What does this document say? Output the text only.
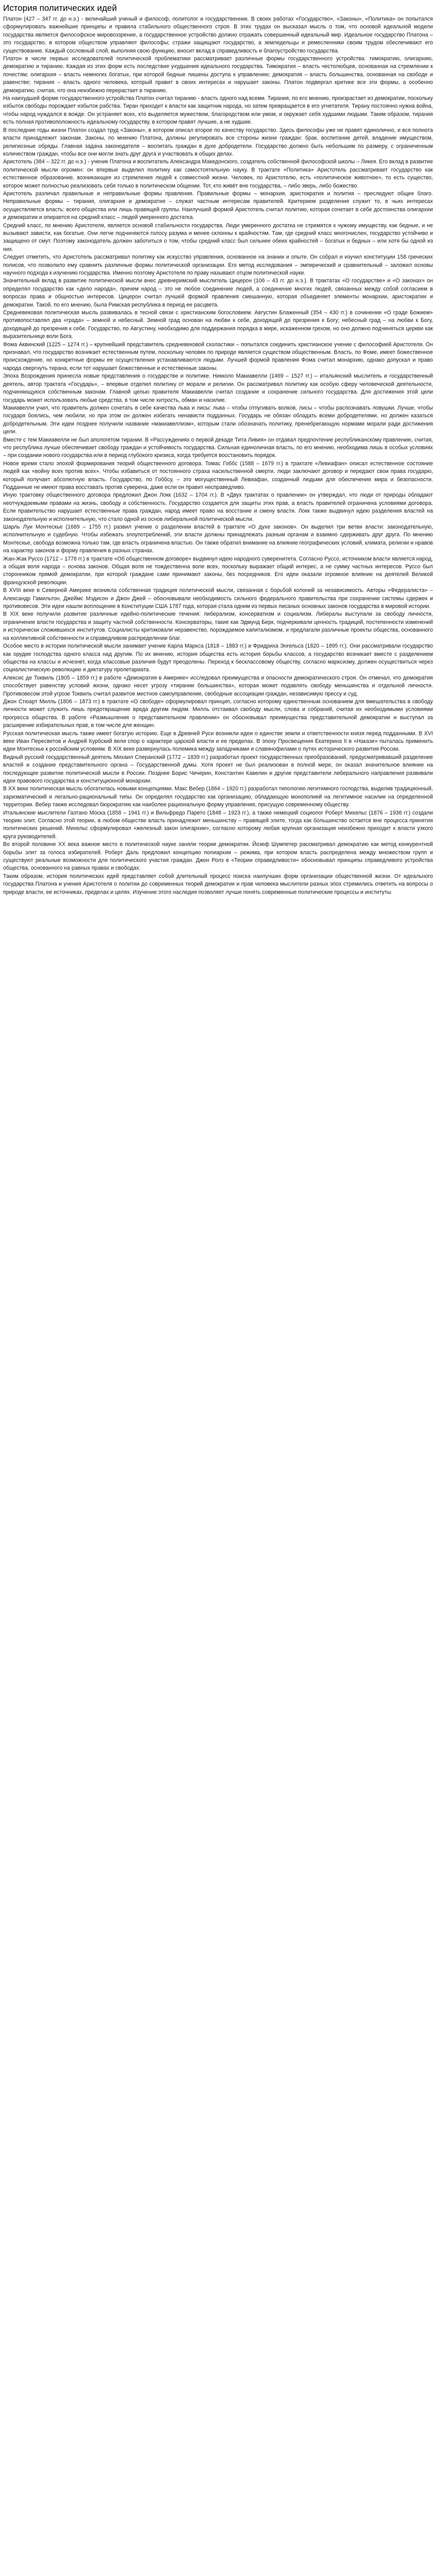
История политических идей

Платон (427 – 347 гг. до н.э.) - величайший ученый и философ, политолог и государственник. В своих работах «Государство», «Законы», «Политика» он попытался сформулировать важнейшие принципы и правила стабильного общественного строя. В этих трудах он высказал мысль о том, что основой идеальной модели государства является философское мировоззрение, а государственное устройство должно отражать совершенный идеальный мир. Идеальное государство Платона – это государство, в котором обществом управляют философы; стражи защищают государство, а земледельцы и ремесленники своим трудом обеспечивают его существование. Каждый сословный слой, выполняя свою функцию, вносит вклад в справедливость и благоустройство государства.

Платон в числе первых исследователей политической проблематики рассматривает различные формы государственного устройства: тимократию, олигархию, демократию и тиранию. Каждая из этих форм есть последствие ухудшения идеального государства. Тимократия – власть честолюбцев, основанная на стремлении к почестям; олигархия – власть немногих богатых, при которой бедные лишены доступа к управлению; демократия – власть большинства, основанная на свободе и равенстве; тирания – власть одного человека, который правит в своих интересах и нарушает законы. Платон подвергал критике все эти формы, а особенно демократию, считая, что она неизбежно перерастает в тиранию.

На наихудшей форме государственного устройства Платон считал тиранию - власть одного над всеми. Тирания, по его мнению, произрастает из демократии, поскольку избыток свободы порождает избыток рабства. Тиран приходит к власти как защитник народа, но затем превращается в его угнетателя. Тирану постоянно нужна война, чтобы народ нуждался в вожде. Он устраняет всех, кто выделяется мужеством, благородством или умом, и окружает себя худшими людьми. Таким образом, тирания есть полная противоположность идеальному государству, в котором правят лучшие, а не худшие.

В последние годы жизни Платон создал труд «Законы», в котором описал второе по качеству государство. Здесь философы уже не правят единолично, и вся полнота власти принадлежит законам. Законы, по мнению Платона, должны регулировать все стороны жизни граждан: брак, воспитание детей, владение имуществом, религиозные обряды. Главная задача законодателя – воспитать граждан в духе добродетели. Государство должно быть небольшим по размеру, с ограниченным количеством граждан, чтобы все они могли знать друг друга и участвовать в общих делах.

Аристотель (384 – 322 гг. до н.э.) - ученик Платона и воспитатель Александра Македонского, создатель собственной философской школы – Ликея. Его вклад в развитие политической мысли огромен: он впервые выделил политику как самостоятельную науку. В трактате «Политика» Аристотель рассматривает государство как естественное образование, возникающее из стремления людей к совместной жизни. Человек, по Аристотелю, есть «политическое животное», то есть существо, которое может полностью реализовать себя только в политическом общении. Тот, кто живёт вне государства, – либо зверь, либо божество.

Аристотель различал правильные и неправильные формы правления. Правильные формы – монархия, аристократия и полития – преследуют общее благо. Неправильные формы – тирания, олигархия и демократия – служат частным интересам правителей. Критерием разделения служит то, в чьих интересах осуществляется власть: всего общества или лишь правящей группы. Наилучшей формой Аристотель считал политию, которая сочетает в себе достоинства олигархии и демократии и опирается на средний класс – людей умеренного достатка.

Средний класс, по мнению Аристотеля, является основой стабильности государства. Люди умеренного достатка не стремятся к чужому имуществу, как бедные, и не вызывают зависти, как богатые. Они легче подчиняются голосу разума и менее склонны к крайностям. Там, где средний класс многочислен, государство устойчиво и защищено от смут. Поэтому законодатель должен заботиться о том, чтобы средний класс был сильнее обеих крайностей – богатых и бедных – или хотя бы одной из них.

Следует отметить, что Аристотель рассматривал политику как искусство управления, основанное на знании и опыте. Он собрал и изучил конституции 158 греческих полисов, что позволило ему сравнить различные формы политической организации. Его метод исследования – эмпирический и сравнительный – заложил основы научного подхода к изучению государства. Именно поэтому Аристотеля по праву называют отцом политической науки.

Значительный вклад в развитие политической мысли внес древнеримский мыслитель Цицерон (106 – 43 гг. до н.э.). В трактатах «О государстве» и «О законах» он определял государство как «дело народа», причем народ – это не любое соединение людей, а соединение многих людей, связанных между собой согласием в вопросах права и общностью интересов. Цицерон считал лучшей формой правления смешанную, которая объединяет элементы монархии, аристократии и демократии. Такой, по его мнению, была Римская республика в период ее расцвета.

Средневековая политическая мысль развивалась в тесной связи с христианским богословием. Августин Блаженный (354 – 430 гг.) в сочинении «О граде Божием» противопоставлял два «града» – земной и небесный. Земной град основан на любви к себе, доходящей до презрения к Богу; небесный град – на любви к Богу, доходящей до презрения к себе. Государство, по Августину, необходимо для поддержания порядка в мире, искаженном грехом, но оно должно подчиняться церкви как выразительнице воли Бога.

Фома Аквинский (1225 – 1274 гг.) – крупнейший представитель средневековой схоластики – попытался соединить христианское учение с философией Аристотеля. Он признавал, что государство возникает естественным путем, поскольку человек по природе является существом общественным. Власть, по Фоме, имеет божественное происхождение, но конкретные формы ее осуществления устанавливаются людьми. Лучшей формой правления Фома считал монархию, однако допускал и право народа свергнуть тирана, если тот нарушает божественные и естественные законы.

Эпоха Возрождения принесла новые представления о государстве и политике. Никколо Макиавелли (1469 – 1527 гг.) – итальянский мыслитель и государственный деятель, автор трактата «Государь», – впервые отделил политику от морали и религии. Он рассматривал политику как особую сферу человеческой деятельности, подчиняющуюся собственным законам. Главной целью правителя Макиавелли считал создание и сохранение сильного государства. Для достижения этой цели государь может использовать любые средства, в том числе хитрость, обман и насилие.

Макиавелли учил, что правитель должен сочетать в себе качества льва и лисы: льва – чтобы отпугивать волков, лисы – чтобы распознавать ловушки. Лучше, чтобы государя боялись, чем любили, но при этом он должен избегать ненависти подданных. Государь не обязан обладать всеми добродетелями, но должен казаться добродетельным. Эти идеи позднее получили название «макиавеллизм», которым стали обозначать политику, пренебрегающую нормами морали ради достижения цели.

Вместе с тем Макиавелли не был апологетом тирании. В «Рассуждениях о первой декаде Тита Ливия» он отдавал предпочтение республиканскому правлению, считая, что республика лучше обеспечивает свободу граждан и устойчивость государства. Сильная единоличная власть, по его мнению, необходима лишь в особых условиях – при создании нового государства или в период глубокого кризиса, когда требуется восстановить порядок.

Новое время стало эпохой формирования теорий общественного договора. Томас Гоббс (1588 – 1679 гг.) в трактате «Левиафан» описал естественное состояние людей как «войну всех против всех». Чтобы избавиться от постоянного страха насильственной смерти, люди заключают договор и передают свои права государю, который получает абсолютную власть. Государство, по Гоббсу, – это могущественный Левиафан, созданный людьми для обеспечения мира и безопасности. Подданные не имеют права восставать против суверена, даже если он правит несправедливо.

Иную трактовку общественного договора предложил Джон Локк (1632 – 1704 гг.). В «Двух трактатах о правлении» он утверждал, что люди от природы обладают неотчуждаемыми правами на жизнь, свободу и собственность. Государство создается для защиты этих прав, а власть правителей ограничена условиями договора. Если правительство нарушает естественные права граждан, народ имеет право на восстание и смену власти. Локк также выдвинул идею разделения властей на законодательную и исполнительную, что стало одной из основ либеральной политической мысли.

Шарль Луи Монтескье (1689 – 1755 гг.) развил учение о разделении властей в трактате «О духе законов». Он выделил три ветви власти: законодательную, исполнительную и судебную. Чтобы избежать злоупотреблений, эти власти должны принадлежать разным органам и взаимно сдерживать друг друга. По мнению Монтескье, свобода возможна только там, где власть ограничена властью. Он также обратил внимание на влияние географических условий, климата, религии и нравов на характер законов и форму правления в разных странах.

Жан-Жак Руссо (1712 – 1778 гг.) в трактате «Об общественном договоре» выдвинул идею народного суверенитета. Согласно Руссо, источником власти является народ, а общая воля народа – основа законов. Общая воля не тождественна воле всех, поскольку выражает общий интерес, а не сумму частных интересов. Руссо был сторонником прямой демократии, при которой граждане сами принимают законы, без посредников. Его идеи оказали огромное влияние на деятелей Великой французской революции.

В XVIII веке в Северной Америке возникла собственная традиция политической мысли, связанная с борьбой колоний за независимость. Авторы «Федералиста» – Александр Гамильтон, Джеймс Мэдисон и Джон Джей – обосновывали необходимость сильного федерального правительства при сохранении системы сдержек и противовесов. Эти идеи нашли воплощение в Конституции США 1787 года, которая стала одним из первых писаных основных законов государства в мировой истории.

В XIX веке получили развитие различные идейно-политические течения: либерализм, консерватизм и социализм. Либералы выступали за свободу личности, ограничение власти государства и защиту частной собственности. Консерваторы, такие как Эдмунд Берк, подчеркивали ценность традиций, постепенности изменений и исторически сложившихся институтов. Социалисты критиковали неравенство, порождаемое капитализмом, и предлагали различные проекты общества, основанного на коллективной собственности и справедливом распределении благ.

Особое место в истории политической мысли занимает учение Карла Маркса (1818 – 1883 гг.) и Фридриха Энгельса (1820 – 1895 гг.). Они рассматривали государство как орудие господства одного класса над другим. По их мнению, история общества есть история борьбы классов, а государство возникает вместе с разделением общества на классы и исчезнет, когда классовые различия будут преодолены. Переход к бесклассовому обществу, согласно марксизму, должен осуществиться через социалистическую революцию и диктатуру пролетариата.

Алексис де Токвиль (1805 – 1859 гг.) в работе «Демократия в Америке» исследовал преимущества и опасности демократического строя. Он отмечал, что демократия способствует равенству условий жизни, однако несет угрозу «тирании большинства», которая может подавлять свободу меньшинства и отдельной личности. Противовесом этой угрозе Токвиль считал развитое местное самоуправление, свободные ассоциации граждан, независимую прессу и суд.

Джон Стюарт Милль (1806 – 1873 гг.) в трактате «О свободе» сформулировал принцип, согласно которому единственным основанием для вмешательства в свободу личности может служить лишь предотвращение вреда другим людям. Милль отстаивал свободу мысли, слова и собраний, считая их необходимыми условиями прогресса общества. В работе «Размышления о представительном правлении» он обосновывал преимущества представительной демократии и выступал за расширение избирательных прав, в том числе для женщин.

Русская политическая мысль также имеет богатую историю. Еще в Древней Руси возникли идеи о единстве земли и ответственности князя перед подданными. В XVI веке Иван Пересветов и Андрей Курбский вели спор о характере царской власти и ее пределах. В эпоху Просвещения Екатерина II в «Наказе» пыталась применить идеи Монтескье к российским условиям. В XIX веке развернулась полемика между западниками и славянофилами о путях исторического развития России.

Видный русский государственный деятель Михаил Сперанский (1772 – 1839 гг.) разработал проект государственных преобразований, предусматривавший разделение властей и создание представительного органа – Государственной думы. Хотя проект не был реализован в полной мере, он оказал значительное влияние на последующее развитие политической мысли в России. Позднее Борис Чичерин, Константин Кавелин и другие представители либерального направления развивали идеи правового государства и конституционной монархии.

В XX веке политическая мысль обогатилась новыми концепциями. Макс Вебер (1864 – 1920 гг.) разработал типологию легитимного господства, выделив традиционный, харизматический и легально-рациональный типы. Он определял государство как организацию, обладающую монополией на легитимное насилие на определенной территории. Вебер также исследовал бюрократию как наиболее рациональную форму управления, присущую современному обществу.

Итальянские мыслители Гаэтано Моска (1858 – 1941 гг.) и Вильфредо Парето (1848 – 1923 гг.), а также немецкий социолог Роберт Михельс (1876 – 1936 гг.) создали теорию элит. Согласно этой теории, в любом обществе власть принадлежит меньшинству – правящей элите, тогда как большинство остается вне процесса принятия политических решений. Михельс сформулировал «железный закон олигархии», согласно которому любая крупная организация неизбежно приходит к власти узкого круга руководителей.

Во второй половине XX века важное место в политической науке заняли теории демократии. Йозеф Шумпетер рассматривал демократию как метод конкурентной борьбы элит за голоса избирателей. Роберт Даль предложил концепцию полиархии – режима, при котором власть распределена между множеством групп и существуют реальные возможности для политического участия граждан. Джон Ролз в «Теории справедливости» обосновывал принципы справедливого устройства общества, основанного на равных правах и свободах.

Таким образом, история политических идей представляет собой длительный процесс поиска наилучших форм организации общественной жизни. От идеального государства Платона и учения Аристотеля о политии до современных теорий демократии и прав человека мыслители разных эпох стремились ответить на вопросы о природе власти, ее источниках, пределах и целях. Изучение этого наследия позволяет лучше понять современные политические процессы и институты.
